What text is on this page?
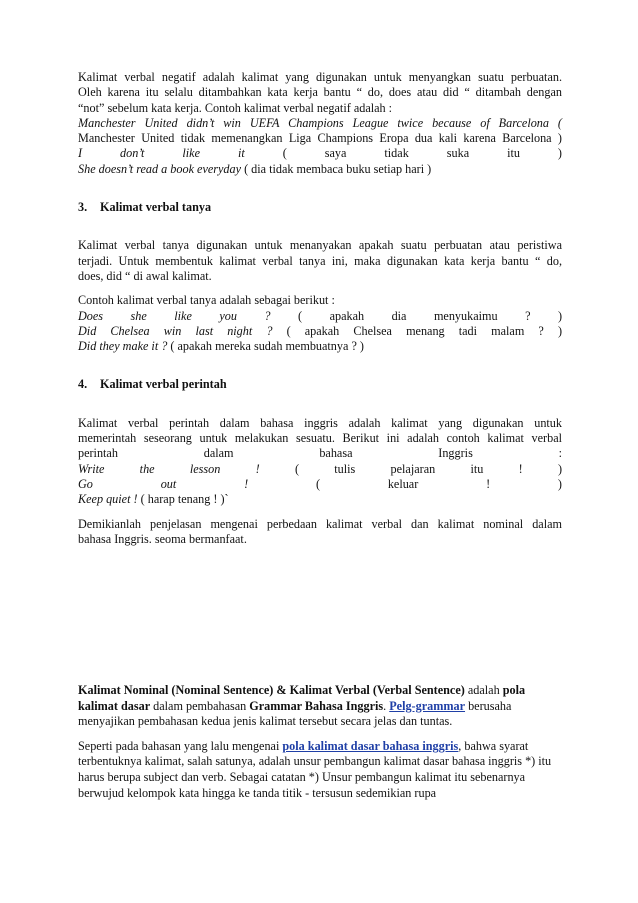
Kalimat verbal negatif adalah kalimat yang digunakan untuk menyangkan suatu perbuatan.

Oleh karena itu selalu ditambahkan kata kerja bantu “ do, does atau did “ ditambah dengan

“not” sebelum kata kerja. Contoh kalimat verbal negatif adalah :

Manchester United didn’t win UEFA Champions League twice because of Barcelona (

Manchester United tidak memenangkan Liga Champions Eropa dua kali karena Barcelona )

I don’t like it	( saya tidak suka itu )

She doesn’t read a book everyday ( dia tidak membaca buku setiap hari )

3. Kalimat verbal tanya

Kalimat verbal tanya digunakan untuk menanyakan apakah suatu perbuatan atau peristiwa

terjadi. Untuk membentuk kalimat verbal tanya ini, maka digunakan kata kerja bantu “ do,

does, did “ di awal kalimat.

Contoh kalimat verbal tanya adalah sebagai berikut :

Does she like you ? ( apakah dia menyukaimu ? )

Did Chelsea win last night ? ( apakah Chelsea menang tadi malam ? )

Did they make it ? ( apakah mereka sudah membuatnya ? )

4. Kalimat verbal perintah

Kalimat verbal perintah dalam bahasa inggris adalah kalimat yang digunakan untuk

memerintah seseorang untuk melakukan sesuatu. Berikut ini adalah contoh kalimat verbal

perintah dalam bahasa Inggris :

Write the lesson !	( tulis pelajaran itu ! )

Go out !	( keluar ! )

Keep quiet ! ( harap tenang ! )`

Demikianlah penjelasan mengenai perbedaan kalimat verbal dan kalimat nominal dalam

bahasa Inggris. seoma bermanfaat.

Kalimat Nominal (Nominal Sentence) & Kalimat Verbal (Verbal Sentence) adalah pola kalimat dasar dalam pembahasan Grammar Bahasa Inggris. Pelg-grammar berusaha menyajikan pembahasan kedua jenis kalimat tersebut secara jelas dan tuntas.

Seperti pada bahasan yang lalu mengenai pola kalimat dasar bahasa inggris, bahwa syarat terbentuknya kalimat, salah satunya, adalah unsur pembangun kalimat dasar bahasa inggris *) itu harus berupa subject dan verb. Sebagai catatan *) Unsur pembangun kalimat itu sebenarnya berwujud kelompok kata hingga ke tanda titik - tersusun sedemikian rupa
